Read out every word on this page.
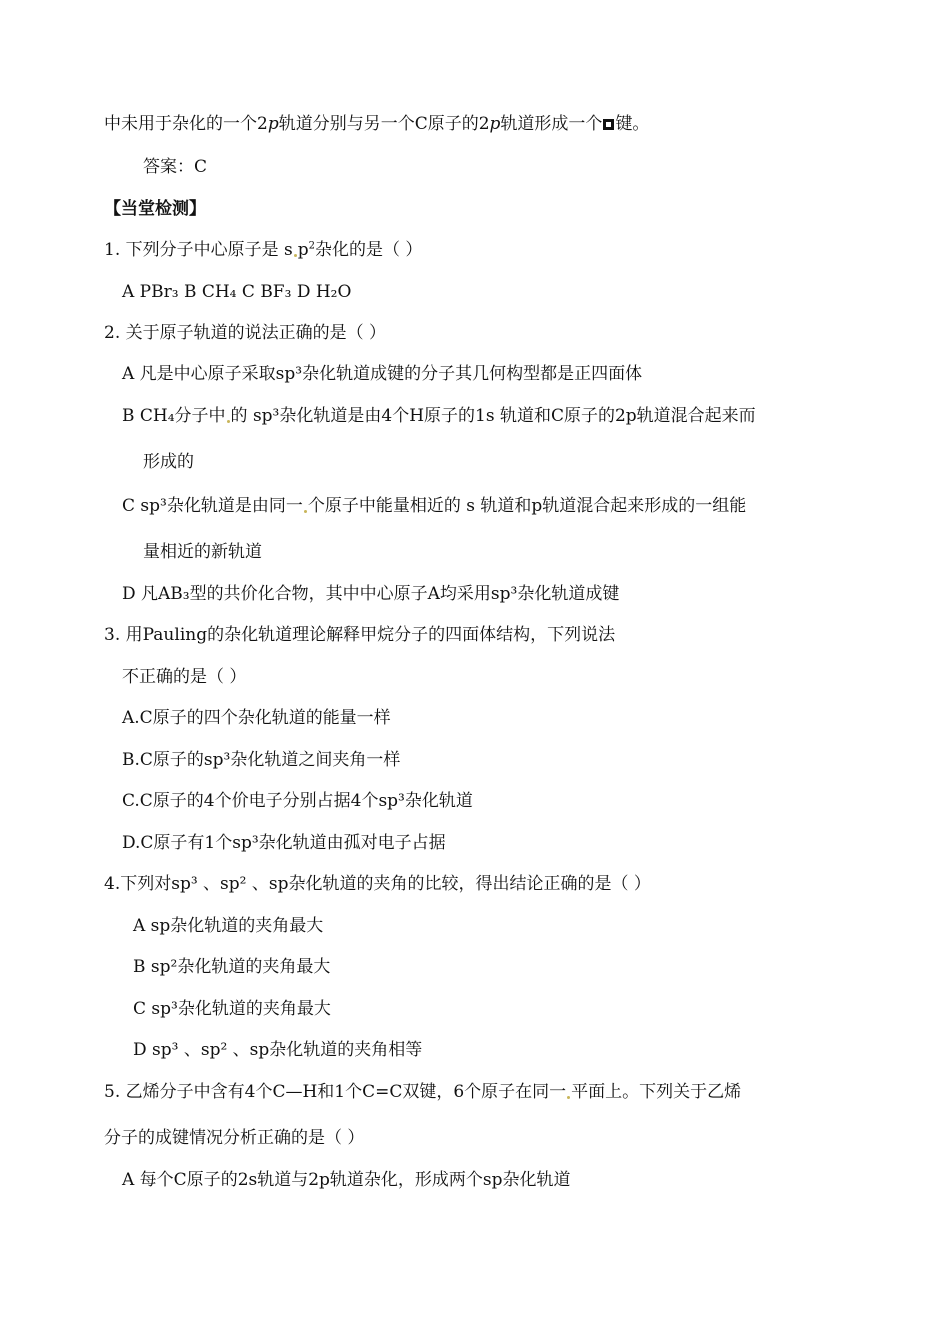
中未用于杂化的一个2p轨道分别与另一个C原子的2p轨道形成一个 键。
答案：C
【当堂检测】
1. 下列分子中心原子是 s $p^2$杂化的是（ ）
A PBr₃ B CH₄ C BF₃ D H₂O
2. 关于原子轨道的说法正确的是（ ）
A 凡是中心原子采取sp³杂化轨道成键的分子其几何构型都是正四面体
B CH₄分子中 的 sp³杂化轨道是由4个H原子的1s 轨道和C原子的2p轨道混合起来而
形成的
C sp³杂化轨道是由同一 个原子中能量相近的 s 轨道和p轨道混合起来形成的一组能
量相近的新轨道
D 凡AB₃型的共价化合物，其中中心原子A均采用sp³杂化轨道成键
3. 用Pauling的杂化轨道理论解释甲烷分子的四面体结构，下列说法
不正确的是（ ）
A.C原子的四个杂化轨道的能量一样
B.C原子的sp³杂化轨道之间夹角一样
C.C原子的4个价电子分别占据4个sp³杂化轨道
D.C原子有1个sp³杂化轨道由孤对电子占据
4.下列对sp³ 、sp² 、sp杂化轨道的夹角的比较，得出结论正确的是（ ）
A sp杂化轨道的夹角最大
B sp²杂化轨道的夹角最大
C sp³杂化轨道的夹角最大
D sp³ 、sp² 、sp杂化轨道的夹角相等
5. 乙烯分子中含有4个C—H和1个C=C双键，6个原子在同一 平面上。下列关于乙烯
分子的成键情况分析正确的是（ ）
A 每个C原子的2s轨道与2p轨道杂化，形成两个sp杂化轨道
